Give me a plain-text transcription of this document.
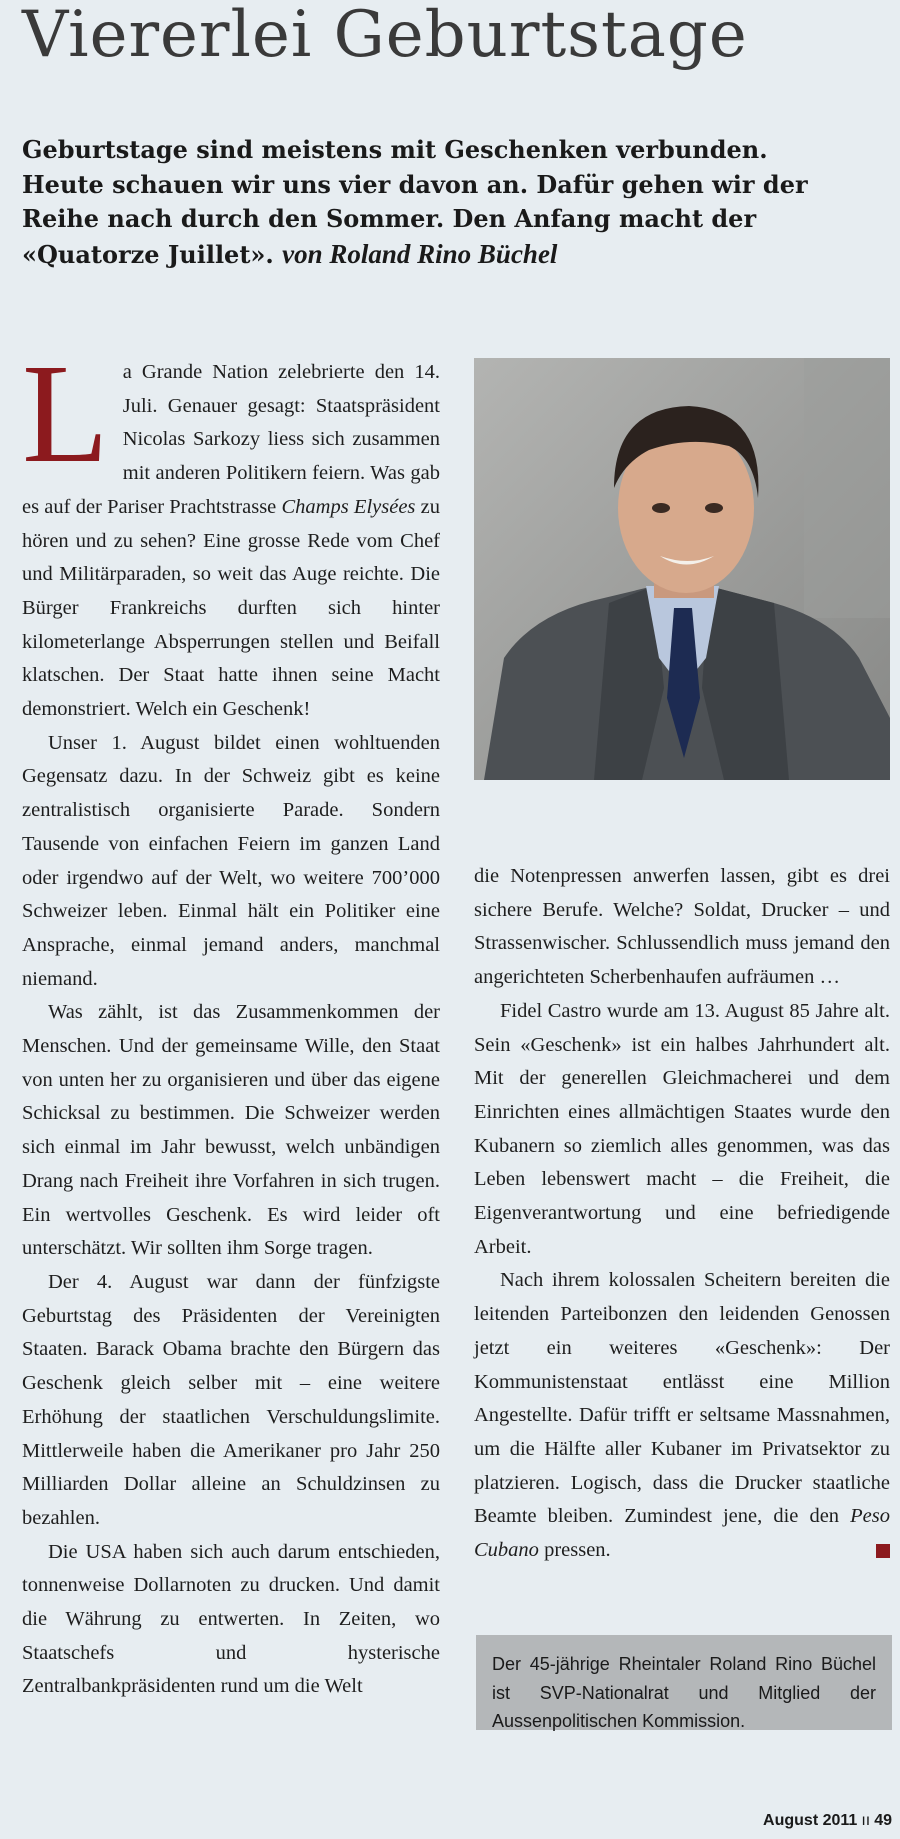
Viererlei Geburtstage

Geburtstage sind meistens mit Geschenken verbunden. Heute schauen wir uns vier davon an. Dafür gehen wir der Reihe nach durch den Sommer. Den Anfang macht der «Quatorze Juillet». von Roland Rino Büchel

La Grande Nation zelebrierte den 14. Juli. Genauer gesagt: Staatspräsident Nicolas Sarkozy liess sich zusammen mit anderen Politikern feiern. Was gab es auf der Pariser Prachtstrasse Champs Elysées zu hören und zu sehen? Eine grosse Rede vom Chef und Militärparaden, so weit das Auge reichte. Die Bürger Frankreichs durften sich hinter kilometerlange Absperrungen stellen und Beifall klatschen. Der Staat hatte ihnen seine Macht demonstriert. Welch ein Geschenk!

Unser 1. August bildet einen wohltuenden Gegensatz dazu. In der Schweiz gibt es keine zentralistisch organisierte Parade. Sondern Tausende von einfachen Feiern im ganzen Land oder irgendwo auf der Welt, wo weitere 700’000 Schweizer leben. Einmal hält ein Politiker eine Ansprache, einmal jemand anders, manchmal niemand.

Was zählt, ist das Zusammenkommen der Menschen. Und der gemeinsame Wille, den Staat von unten her zu organisieren und über das eigene Schicksal zu bestimmen. Die Schweizer werden sich einmal im Jahr bewusst, welch unbändigen Drang nach Freiheit ihre Vorfahren in sich trugen. Ein wertvolles Geschenk. Es wird leider oft unterschätzt. Wir sollten ihm Sorge tragen.

Der 4. August war dann der fünfzigste Geburtstag des Präsidenten der Vereinigten Staaten. Barack Obama brachte den Bürgern das Geschenk gleich selber mit – eine weitere Erhöhung der staatlichen Verschuldungslimite. Mittlerweile haben die Amerikaner pro Jahr 250 Milliarden Dollar alleine an Schuldzinsen zu bezahlen.

Die USA haben sich auch darum entschieden, tonnenweise Dollarnoten zu drucken. Und damit die Währung zu entwerten. In Zeiten, wo Staatschefs und hysterische Zentralbankpräsidenten rund um die Welt

die Notenpressen anwerfen lassen, gibt es drei sichere Berufe. Welche? Soldat, Drucker – und Strassenwischer. Schlussendlich muss jemand den angerichteten Scherbenhaufen aufräumen …

Fidel Castro wurde am 13. August 85 Jahre alt. Sein «Geschenk» ist ein halbes Jahrhundert alt. Mit der generellen Gleichmacherei und dem Einrichten eines allmächtigen Staates wurde den Kubanern so ziemlich alles genommen, was das Leben lebenswert macht – die Freiheit, die Eigenverantwortung und eine befriedigende Arbeit.

Nach ihrem kolossalen Scheitern bereiten die leitenden Parteibonzen den leidenden Genossen jetzt ein weiteres «Geschenk»: Der Kommunistenstaat entlässt eine Million Angestellte. Dafür trifft er seltsame Massnahmen, um die Hälfte aller Kubaner im Privatsektor zu platzieren. Logisch, dass die Drucker staatliche Beamte bleiben. Zumindest jene, die den Peso Cubano pressen.

Der 45-jährige Rheintaler Roland Rino Büchel ist SVP-Nationalrat und Mitglied der Aussenpolitischen Kommission.
August 2011 ıı 49
